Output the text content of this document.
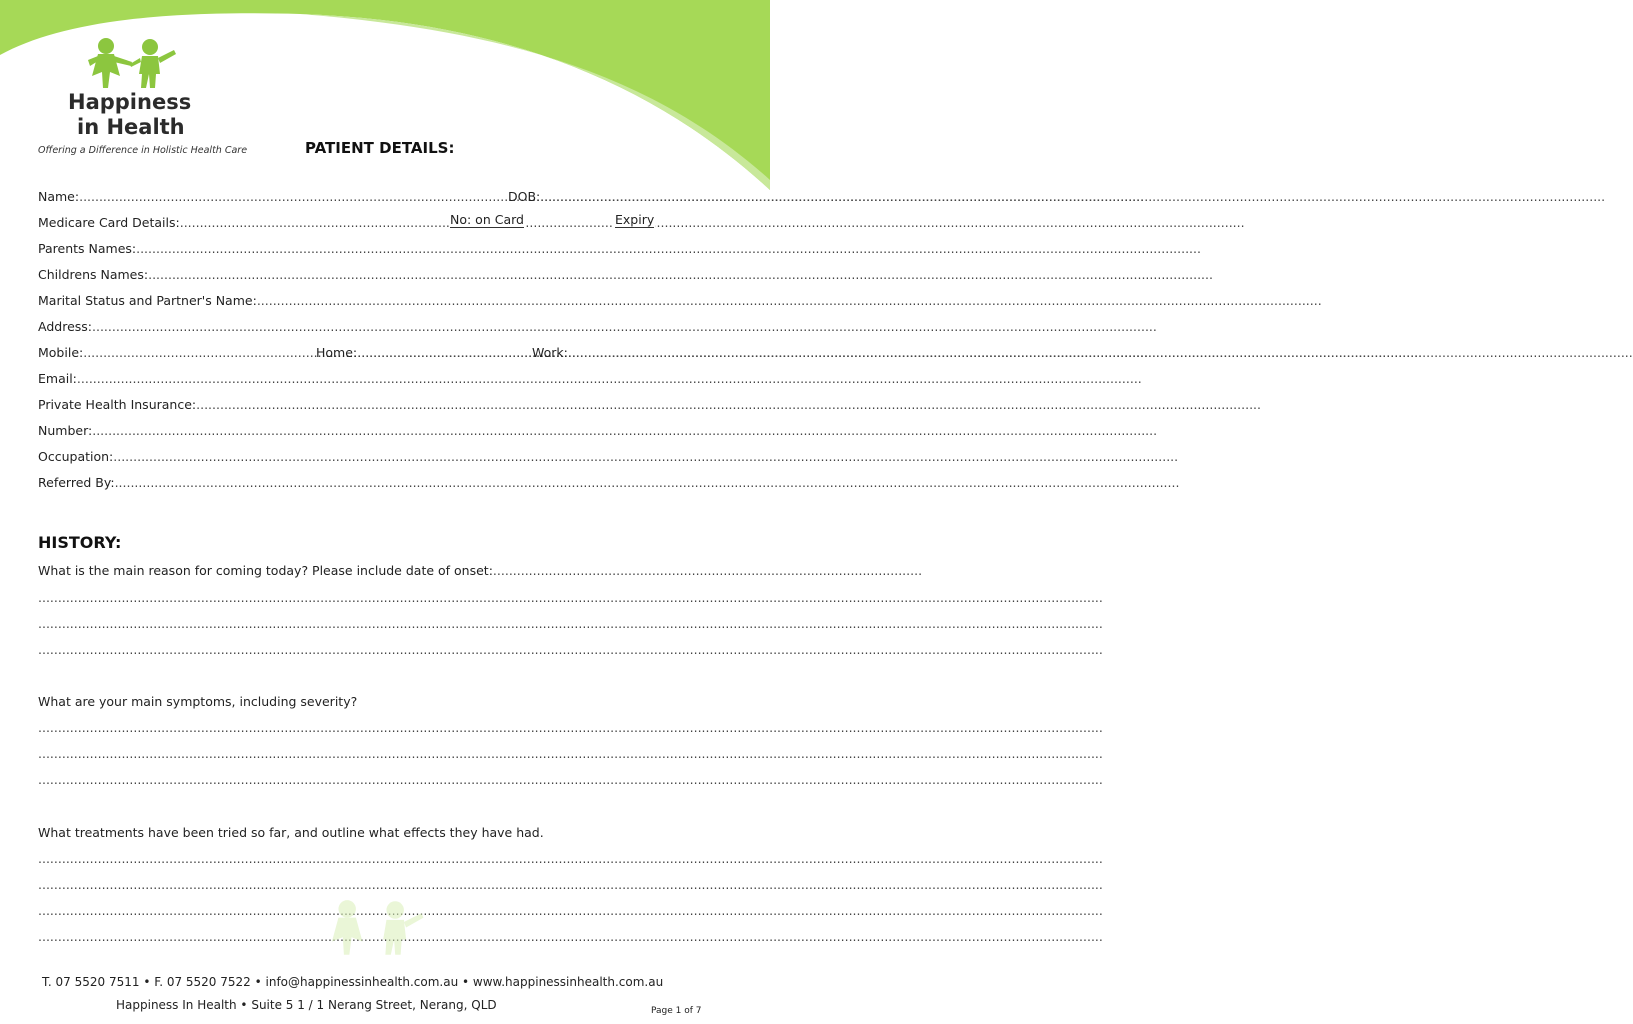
Happiness
in Health
Offering a Difference in Holistic Health Care	PATIENT DETAILS:
Name: .....	DOB:
.....
Medicare Card Details: .....	No: on Card	Expiry
Parents Names:
.....
Childrens Names:
.....
Marital Status and Partner's Name:
.....
Address:
.....
Mobile: .....	Home: .....	Work:
.....
Email:
.....
Private Health Insurance:
.....
Number:
.....
Occupation:
.....
Referred By:
.....
HISTORY:
What is the main reason for coming today? Please include date of onset: ............................................................................................................
.....
.....
.....
What are your main symptoms, including severity?
.....
.....
.....
What treatments have been tried so far, and outline what effects they have had.
.....
.....
.....
.....
T. 07 5520 7511 • F. 07 5520 7522 • info@happinessinhealth.com.au • www.happinessinhealth.com.au
Happiness In Health • Suite 5 1 / 1 Nerang Street, Nerang, QLD	Page 1 of 7
